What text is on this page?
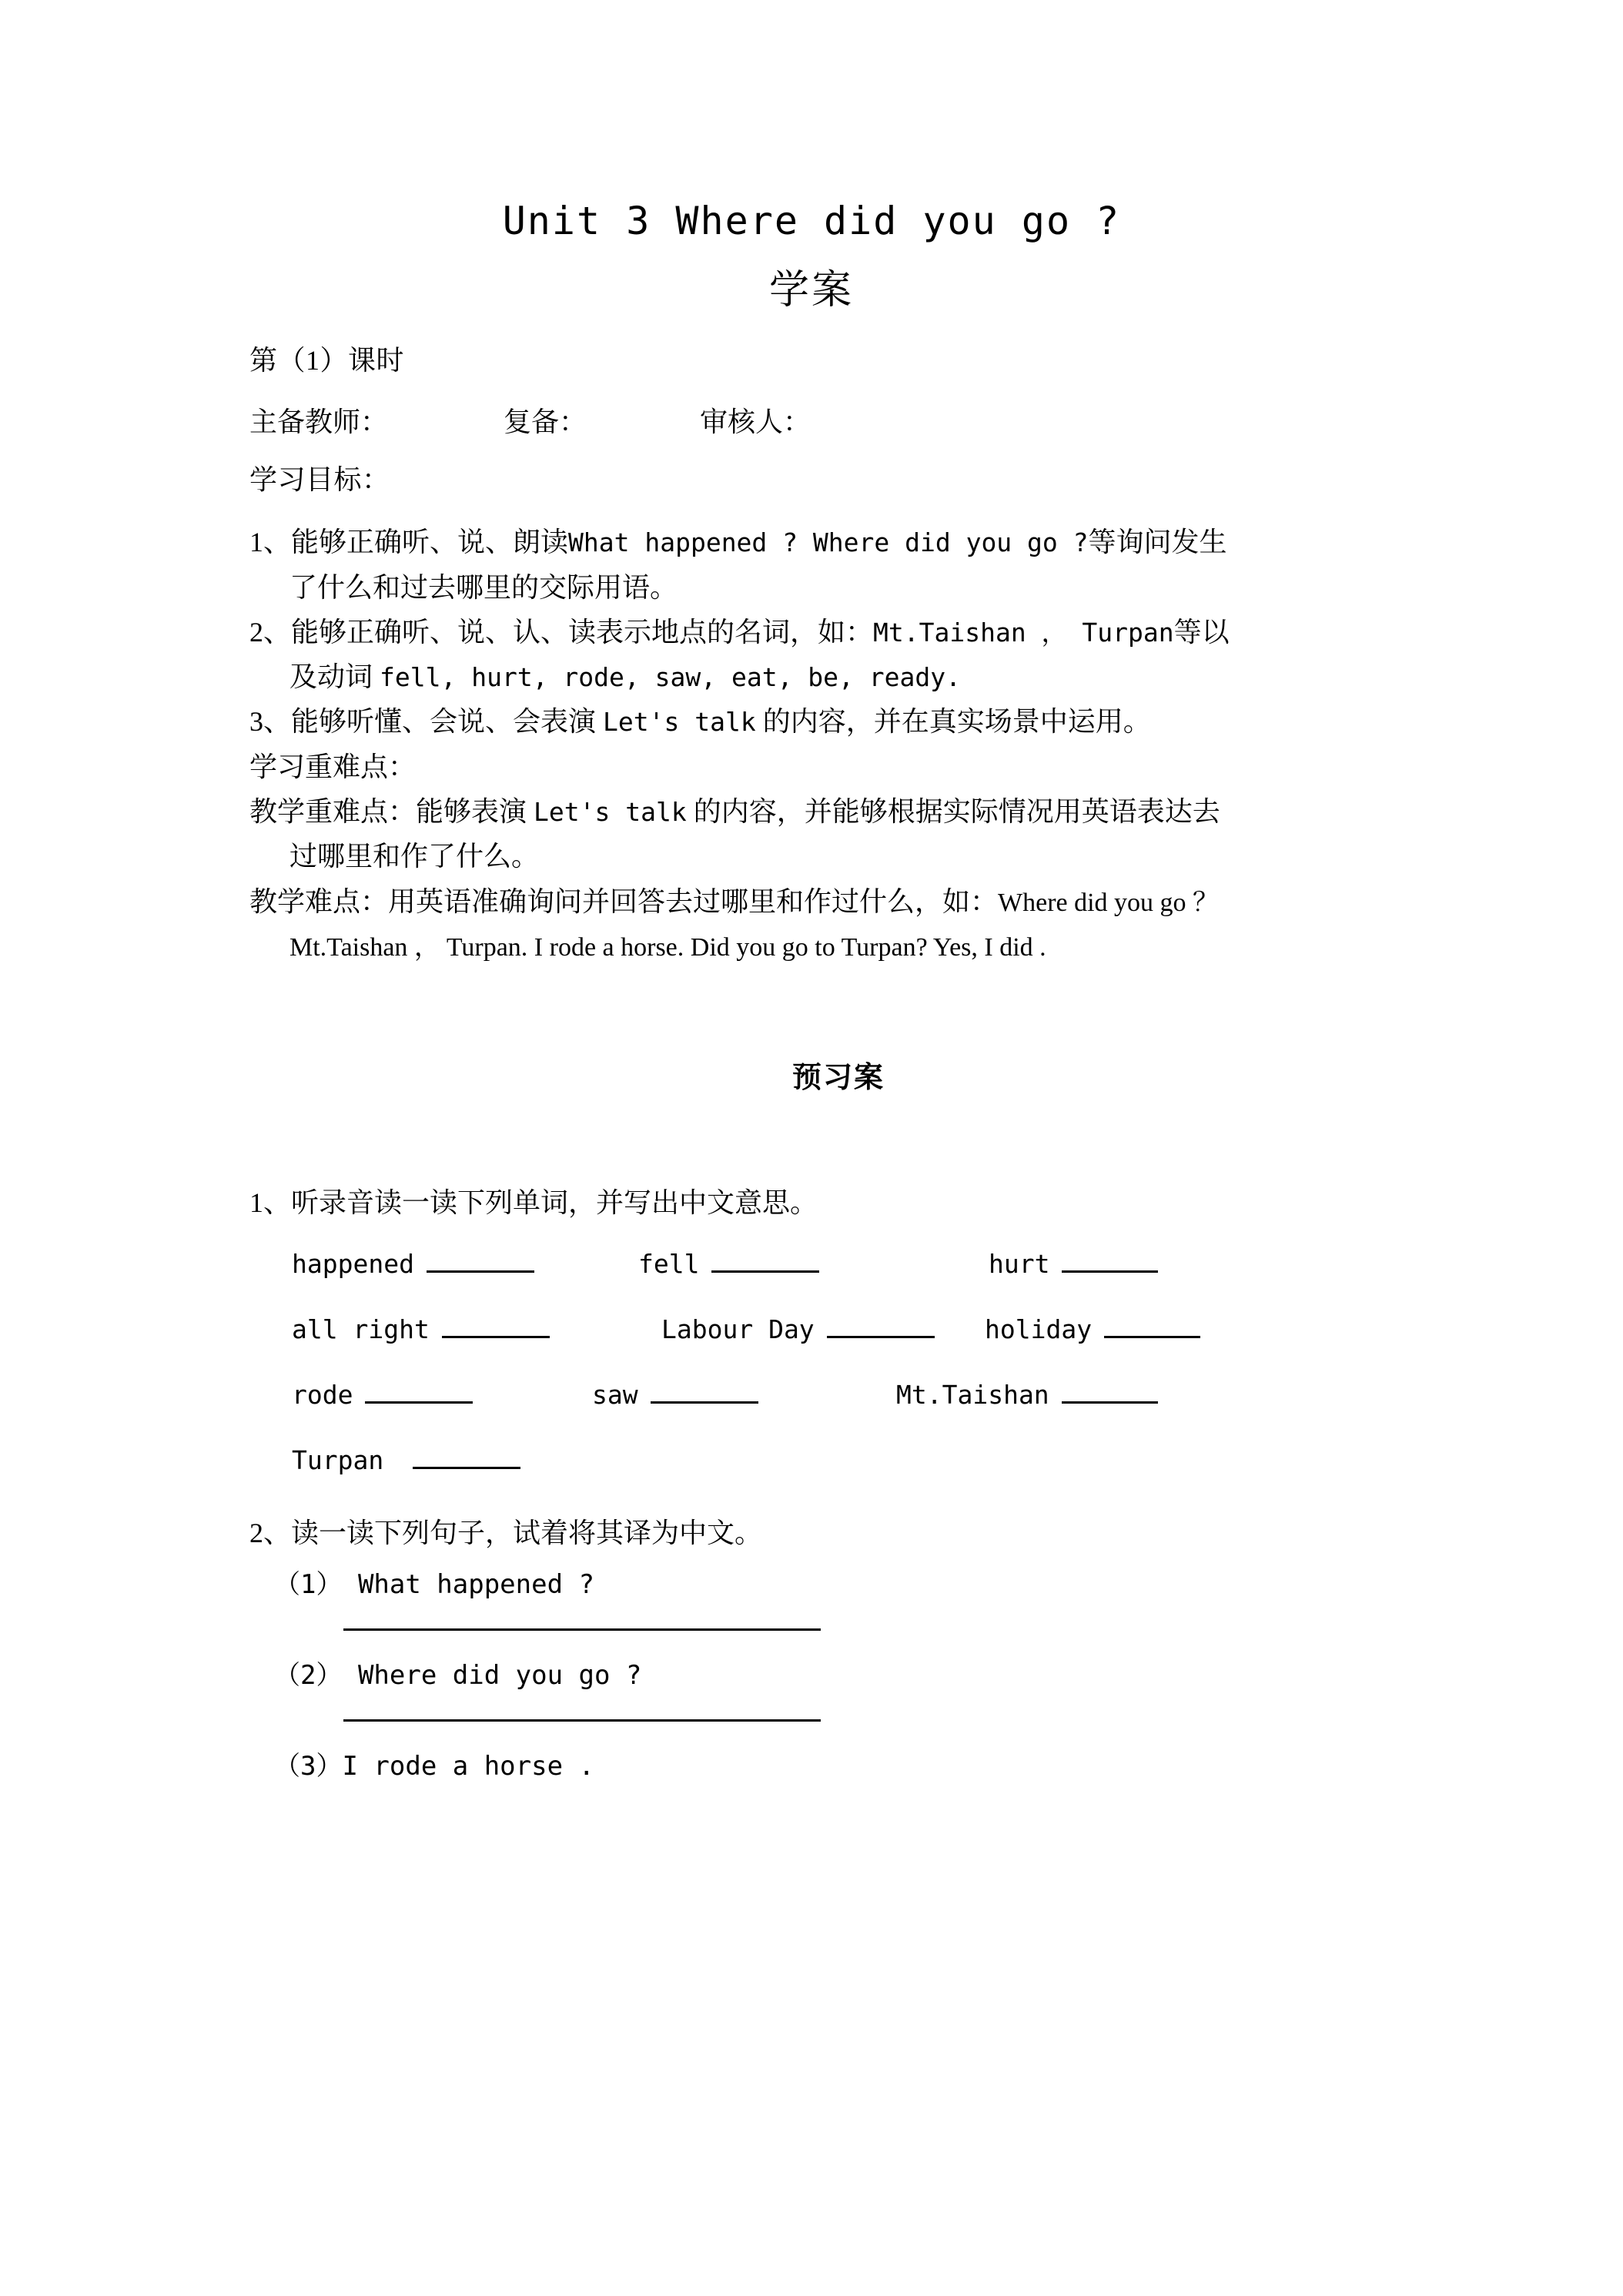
Unit 3 Where did you go ?
学案

第（1）课时

主备教师：	复备：	审核人：

学习目标：

1、能够正确听、说、朗读What happened ? Where did you go ?等询问发生
了什么和过去哪里的交际用语。

2、能够正确听、说、认、读表示地点的名词，如：Mt.Taishan ， Turpan等以
及动词 fell, hurt, rode, saw, eat, be, ready.

3、能够听懂、会说、会表演 Let's talk 的内容，并在真实场景中运用。

学习重难点：

教学重难点：能够表演 Let's talk 的内容，并能够根据实际情况用英语表达去
过哪里和作了什么。

教学难点：用英语准确询问并回答去过哪里和作过什么，如：Where did you go ？
Mt.Taishan ， Turpan. I rode a horse. Did you go to Turpan? Yes, I did .

预习案

1、听录音读一读下列单词，并写出中文意思。

happened	fell	hurt
all right	Labour Day	holiday
rode	saw	Mt.Taishan
Turpan

2、读一读下列句子，试着将其译为中文。

（1） What happened ?

（2） Where did you go ?

（3）I rode a horse .
